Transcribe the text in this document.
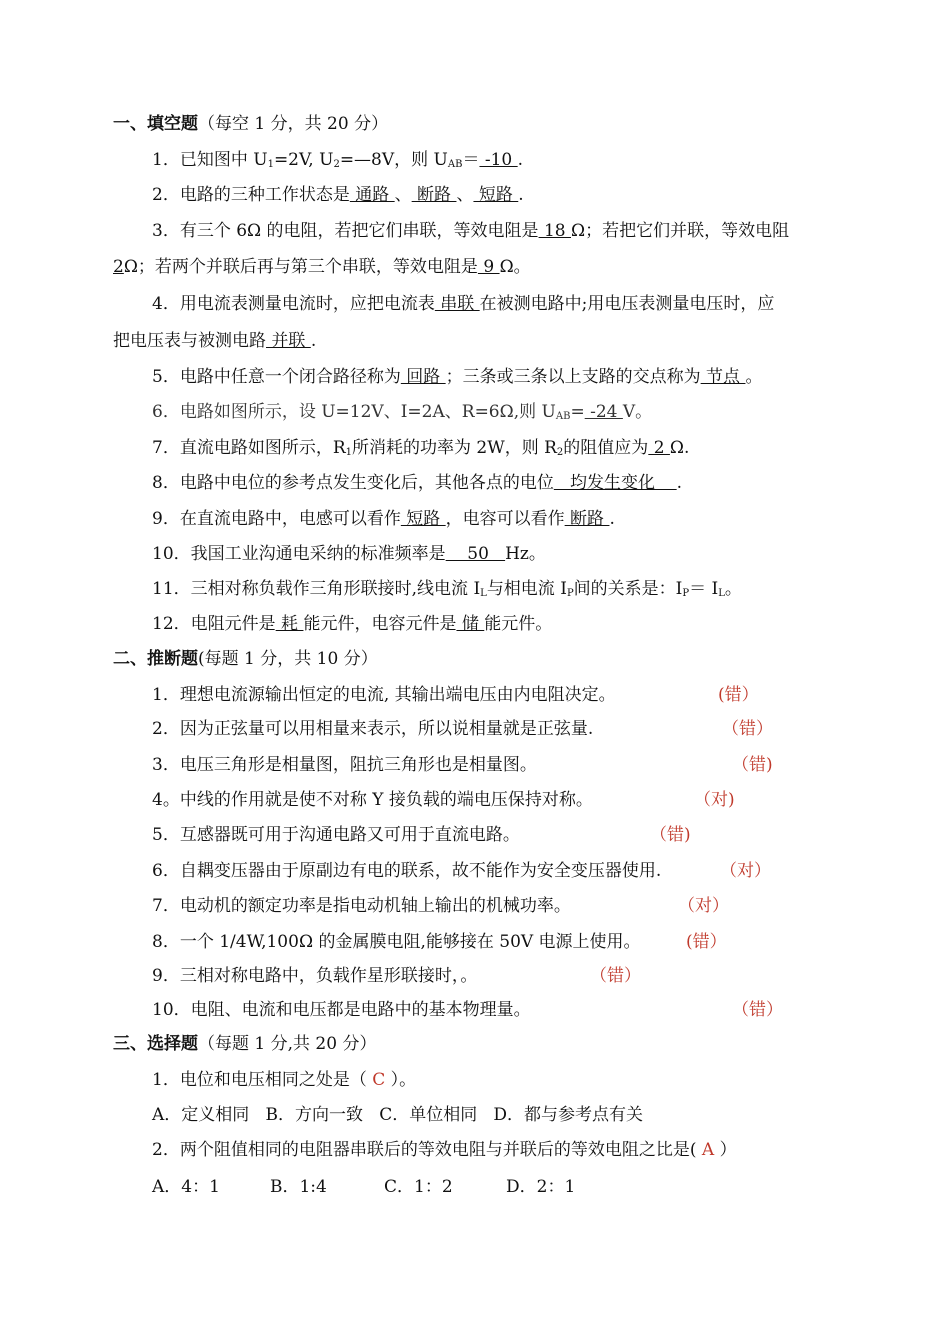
一、填空题（每空 1 分，共 20 分）
1．已知图中 $U_1=2V$, $U_2=—8V$，则 $U_{AB}= -10$ .
2．电路的三种工作状态是 通路 、 断路 、 短路 .
3．有三个 6Ω 的电阻，若把它们串联，等效电阻是 18 Ω；若把它们并联，等效电阻
2Ω；若两个并联后再与第三个串联，等效电阻是 9 Ω。
4．用电流表测量电流时，应把电流表 串联 在被测电路中;用电压表测量电压时，应
把电压表与被测电路 并联 .
5．电路中任意一个闭合路径称为 回路 ；三条或三条以上支路的交点称为 节点 。
6．电路如图所示，设 U=12V、I=2A、R=6Ω,则 $U_{AB}= -24$ V。
7．直流电路如图所示，$R_1$所消耗的功率为 2W，则 $R_2$的阻值应为 2 Ω.
8．电路中电位的参考点发生变化后，其他各点的电位   均发生变化    .
9．在直流电路中，电感可以看作 短路 ，电容可以看作 断路 .
10．我国工业沟通电采纳的标准频率是    50   Hz。
11．三相对称负载作三角形联接时,线电流 $I_L$与相电流 $I_P$间的关系是：$I_P= I_L$。
12．电阻元件是 耗 能元件，电容元件是 储 能元件。
二、推断题(每题 1 分，共 10 分）
1．理想电流源输出恒定的电流, 其输出端电压由内电阻决定。	(错）
2．因为正弦量可以用相量来表示，所以说相量就是正弦量.	（错）
3．电压三角形是相量图，阻抗三角形也是相量图。	（错)
4。中线的作用就是使不对称 Y 接负载的端电压保持对称。	（对)
5．互感器既可用于沟通电路又可用于直流电路。	（错)
6．自耦变压器由于原副边有电的联系，故不能作为安全变压器使用.	（对）
7．电动机的额定功率是指电动机轴上输出的机械功率。	（对）
8．一个 1/4W,100Ω 的金属膜电阻,能够接在 50V 电源上使用。	(错）
9．三相对称电路中，负载作星形联接时，。	（错）
10．电阻、电流和电压都是电路中的基本物理量。	（错）
三、选择题（每题 1 分,共 20 分）
1．电位和电压相同之处是（ C ）。
A．定义相同   B．方向一致   C．单位相同   D．都与参考点有关
2．两个阻值相同的电阻器串联后的等效电阻与并联后的等效电阻之比是( A ）
A．4：1	B．1:4	C．1：2	D．2：1
